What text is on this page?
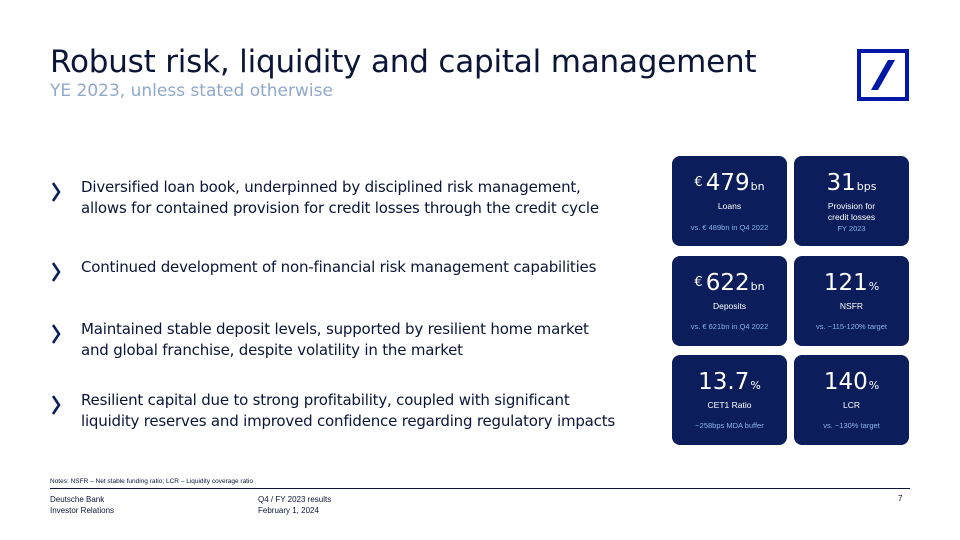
Robust risk, liquidity and capital management
YE 2023, unless stated otherwise
Diversified loan book, underpinned by disciplined risk management,
allows for contained provision for credit losses through the credit cycle
Continued development of non-financial risk management capabilities
Maintained stable deposit levels, supported by resilient home market
and global franchise, despite volatility in the market
Resilient capital due to strong profitability, coupled with significant
liquidity reserves and improved confidence regarding regulatory impacts
€ 479bn
Loans
vs. € 489bn in Q4 2022
31bps
Provision for
credit losses
FY 2023
€ 622bn
Deposits
vs. € 621bn in Q4 2022
121%
NSFR
vs. ~115-120% target
13.7%
CET1 Ratio
~258bps MDA buffer
140%
LCR
vs. ~130% target
Notes: NSFR – Net stable funding ratio; LCR – Liquidity coverage ratio
Deutsche Bank
Investor Relations
Q4 / FY 2023 results
February 1, 2024
7
